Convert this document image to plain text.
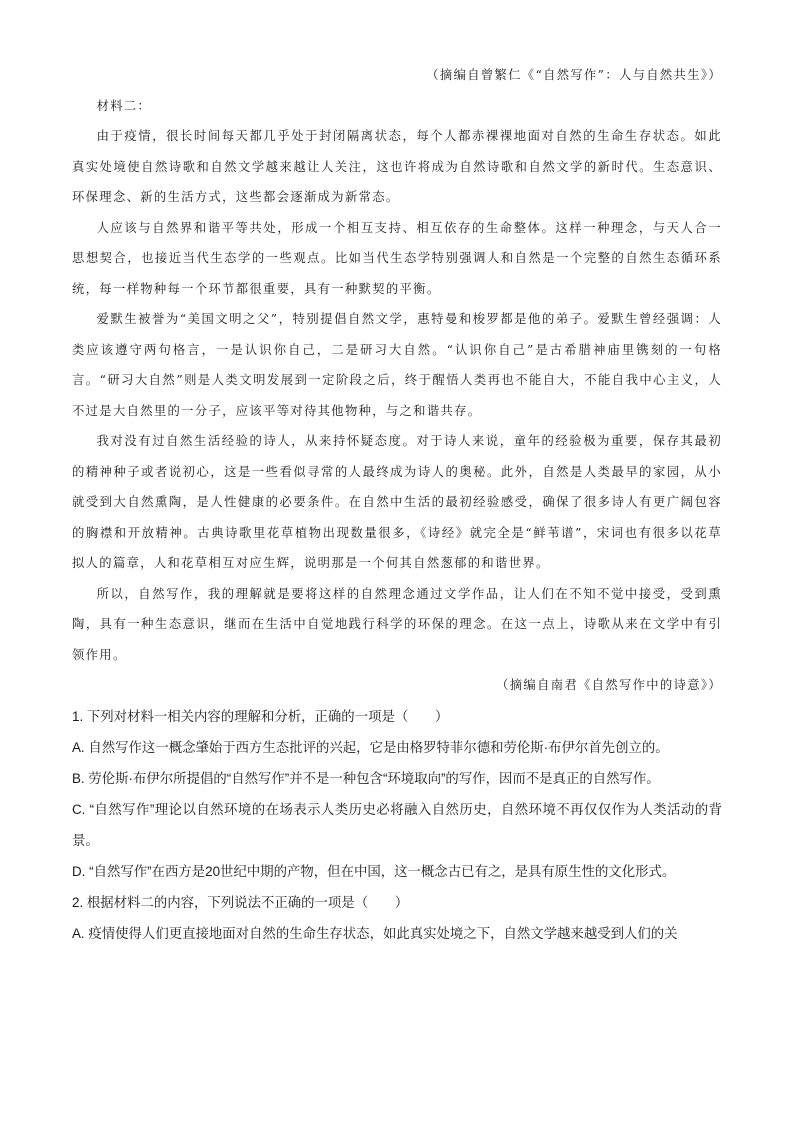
（摘编自曾繁仁《“自然写作”：人与自然共生》）

材料二：

由于疫情，很长时间每天都几乎处于封闭隔离状态，每个人都赤裸裸地面对自然的生命生存状态。如此真实处境使自然诗歌和自然文学越来越让人关注，这也许将成为自然诗歌和自然文学的新时代。生态意识、环保理念、新的生活方式，这些都会逐渐成为新常态。

人应该与自然界和谐平等共处，形成一个相互支持、相互依存的生命整体。这样一种理念，与天人合一思想契合，也接近当代生态学的一些观点。比如当代生态学特别强调人和自然是一个完整的自然生态循环系统，每一样物种每一个环节都很重要，具有一种默契的平衡。

爱默生被誉为“美国文明之父”，特别提倡自然文学，惠特曼和梭罗都是他的弟子。爱默生曾经强调：人类应该遵守两句格言，一是认识你自己，二是研习大自然。“认识你自己”是古希腊神庙里镌刻的一句格言。“研习大自然”则是人类文明发展到一定阶段之后，终于醒悟人类再也不能自大，不能自我中心主义，人不过是大自然里的一分子，应该平等对待其他物种，与之和谐共存。

我对没有过自然生活经验的诗人，从来持怀疑态度。对于诗人来说，童年的经验极为重要，保存其最初的精神种子或者说初心，这是一些看似寻常的人最终成为诗人的奥秘。此外，自然是人类最早的家园，从小就受到大自然熏陶，是人性健康的必要条件。在自然中生活的最初经验感受，确保了很多诗人有更广阔包容的胸襟和开放精神。古典诗歌里花草植物出现数量很多，《诗经》就完全是“鲜苇谱”，宋词也有很多以花草拟人的篇章，人和花草相互对应生辉，说明那是一个何其自然葱郁的和谐世界。

所以，自然写作，我的理解就是要将这样的自然理念通过文学作品，让人们在不知不觉中接受，受到熏陶，具有一种生态意识，继而在生活中自觉地践行科学的环保的理念。在这一点上，诗歌从来在文学中有引领作用。

（摘编自南君《自然写作中的诗意》）

1. 下列对材料一相关内容的理解和分析，正确的一项是（　　）

A. 自然写作这一概念肇始于西方生态批评的兴起，它是由格罗特菲尔德和劳伦斯·布伊尔首先创立的。

B. 劳伦斯·布伊尔所提倡的“自然写作”并不是一种包含“环境取向”的写作，因而不是真正的自然写作。

C. “自然写作”理论以自然环境的在场表示人类历史必将融入自然历史，自然环境不再仅仅作为人类活动的背景。

D. “自然写作”在西方是20世纪中期的产物，但在中国，这一概念古已有之，是具有原生性的文化形式。

2. 根据材料二的内容，下列说法不正确的一项是（　　）

A. 疫情使得人们更直接地面对自然的生命生存状态，如此真实处境之下，自然文学越来越受到人们的关
